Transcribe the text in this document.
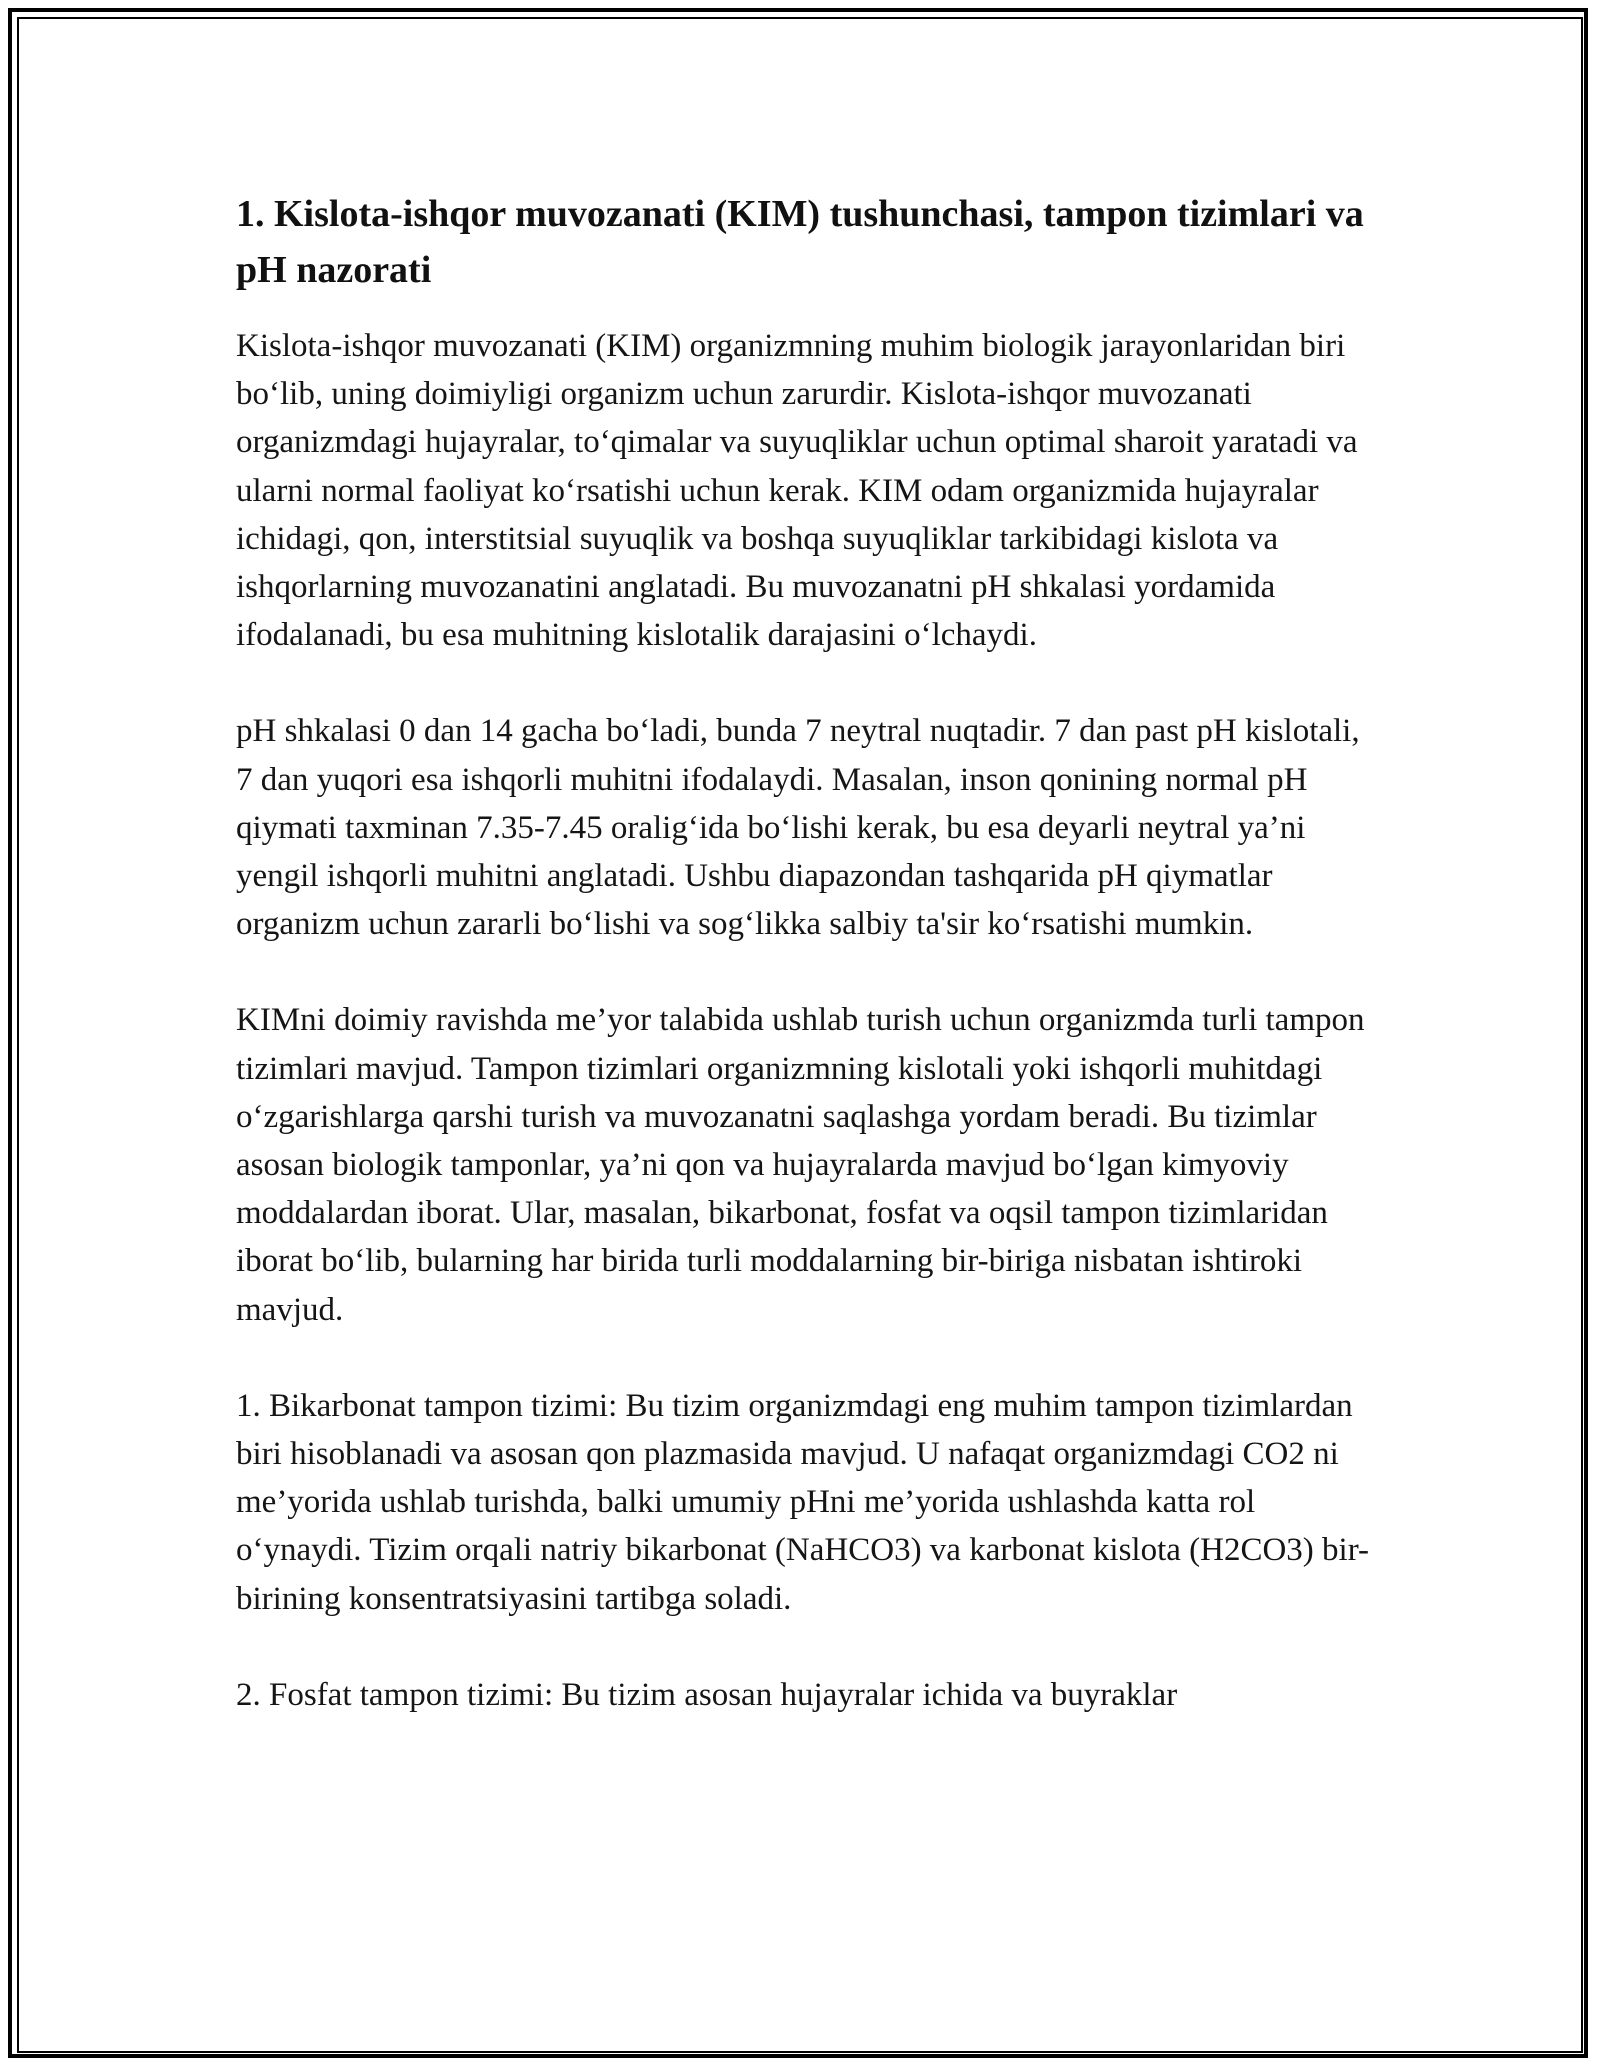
1. Kislota-ishqor muvozanati (KIM) tushunchasi, tampon tizimlari va pH nazorati

Kislota-ishqor muvozanati (KIM) organizmning muhim biologik jarayonlaridan biri bo‘lib, uning doimiyligi organizm uchun zarurdir. Kislota-ishqor muvozanati organizmdagi hujayralar, to‘qimalar va suyuqliklar uchun optimal sharoit yaratadi va ularni normal faoliyat ko‘rsatishi uchun kerak. KIM odam organizmida hujayralar ichidagi, qon, interstitsial suyuqlik va boshqa suyuqliklar tarkibidagi kislota va ishqorlarning muvozanatini anglatadi. Bu muvozanatni pH shkalasi yordamida ifodalanadi, bu esa muhitning kislotalik darajasini o‘lchaydi.

pH shkalasi 0 dan 14 gacha bo‘ladi, bunda 7 neytral nuqtadir. 7 dan past pH kislotali, 7 dan yuqori esa ishqorli muhitni ifodalaydi. Masalan, inson qonining normal pH qiymati taxminan 7.35-7.45 oralig‘ida bo‘lishi kerak, bu esa deyarli neytral ya’ni yengil ishqorli muhitni anglatadi. Ushbu diapazondan tashqarida pH qiymatlar organizm uchun zararli bo‘lishi va sog‘likka salbiy ta'sir ko‘rsatishi mumkin.

KIMni doimiy ravishda me’yor talabida ushlab turish uchun organizmda turli tampon tizimlari mavjud. Tampon tizimlari organizmning kislotali yoki ishqorli muhitdagi o‘zgarishlarga qarshi turish va muvozanatni saqlashga yordam beradi. Bu tizimlar asosan biologik tamponlar, ya’ni qon va hujayralarda mavjud bo‘lgan kimyoviy moddalardan iborat. Ular, masalan, bikarbonat, fosfat va oqsil tampon tizimlaridan iborat bo‘lib, bularning har birida turli moddalarning bir-biriga nisbatan ishtiroki mavjud.

1. Bikarbonat tampon tizimi: Bu tizim organizmdagi eng muhim tampon tizimlardan biri hisoblanadi va asosan qon plazmasida mavjud. U nafaqat organizmdagi CO2 ni me’yorida ushlab turishda, balki umumiy pHni me’yorida ushlashda katta rol o‘ynaydi. Tizim orqali natriy bikarbonat (NaHCO3) va karbonat kislota (H2CO3) bir-birining konsentratsiyasini tartibga soladi.

2. Fosfat tampon tizimi: Bu tizim asosan hujayralar ichida va buyraklar
